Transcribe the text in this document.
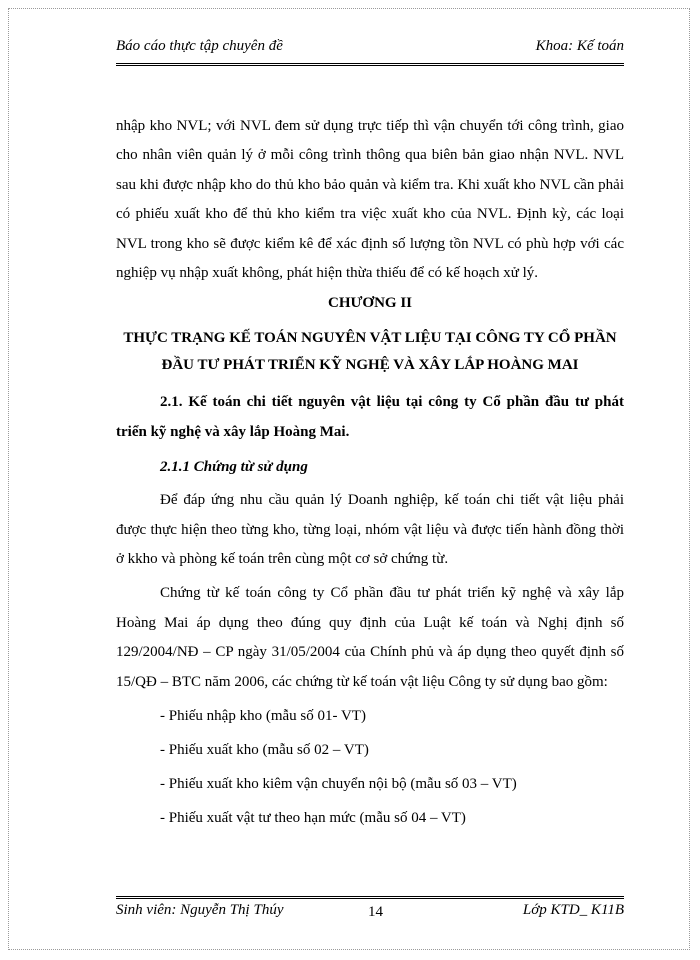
Báo cáo thực tập chuyên đề	Khoa: Kế toán

nhập kho NVL; với NVL đem sử dụng trực tiếp thì vận chuyển tới công trình, giao cho nhân viên quản lý ở mỗi công trình thông qua biên bản giao nhận NVL. NVL sau khi được nhập kho do thủ kho bảo quản và kiểm tra. Khi xuất kho NVL cần phải có phiếu xuất kho để thủ kho kiểm tra việc xuất kho của NVL. Định kỳ, các loại NVL trong kho sẽ được kiểm kê để xác định số lượng tồn NVL có phù hợp với các nghiệp vụ nhập xuất không, phát hiện thừa thiếu để có kế hoạch xử lý.

CHƯƠNG II

THỰC TRẠNG KẾ TOÁN NGUYÊN VẬT LIỆU TẠI CÔNG TY CỔ PHẦN ĐẦU TƯ PHÁT TRIỂN KỸ NGHỆ VÀ XÂY LẮP HOÀNG MAI

2.1. Kế toán chi tiết nguyên vật liệu tại công ty Cổ phần đầu tư phát triển kỹ nghệ và xây lắp Hoàng Mai.

2.1.1 Chứng từ sử dụng

Để đáp ứng nhu cầu quản lý Doanh nghiệp, kế toán chi tiết vật liệu phải được thực hiện theo từng kho, từng loại, nhóm vật liệu và được tiến hành đồng thời ở kkho và phòng kế toán trên cùng một cơ sở chứng từ.

Chứng từ kế toán công ty Cổ phần đầu tư phát triển kỹ nghệ và xây lắp Hoàng Mai áp dụng theo đúng quy định của Luật kế toán và Nghị định số 129/2004/NĐ – CP ngày 31/05/2004 của Chính phủ và áp dụng theo quyết định số 15/QĐ – BTC năm 2006, các chứng từ kế toán vật liệu Công ty sử dụng bao gồm:

- Phiếu nhập kho (mẫu số 01- VT)

- Phiếu xuất kho (mẫu số 02 – VT)

- Phiếu xuất kho kiêm vận chuyển nội bộ (mẫu số 03 – VT)

- Phiếu xuất vật tư theo hạn mức (mẫu số 04 – VT)

Sinh viên: Nguyễn Thị Thúy	14	Lớp KTD_ K11B
